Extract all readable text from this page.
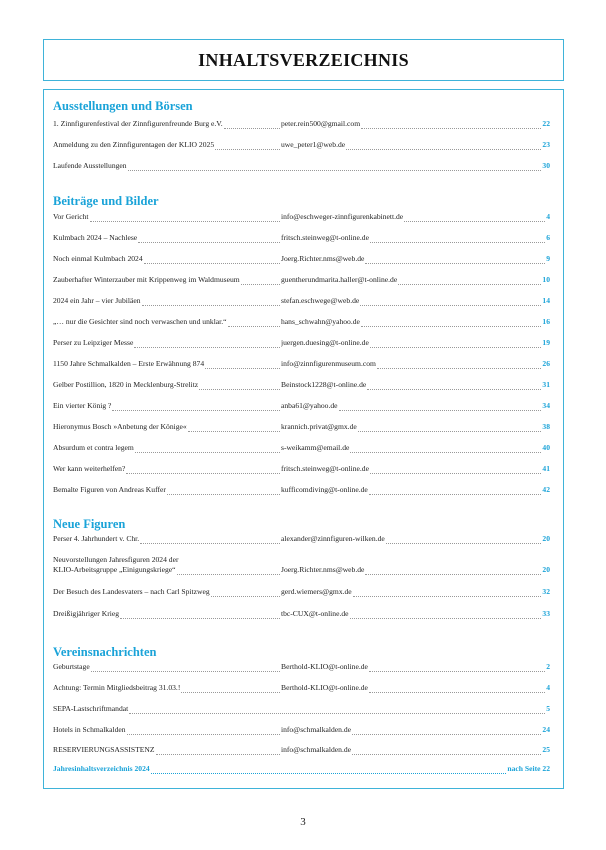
INHALTSVERZEICHNIS
Ausstellungen und Börsen
1. Zinnfigurenfestival der Zinnfigurenfreunde Burg e.V.	peter.rein500@gmail.com	22
Anmeldung zu den Zinnfigurentagen der KLIO 2025	uwe_peter1@web.de	23
Laufende Ausstellungen	30
Beiträge und Bilder
Vor Gericht	info@eschweger-zinnfigurenkabinett.de	4
Kulmbach 2024 – Nachlese	fritsch.steinweg@t-online.de	6
Noch einmal Kulmbach 2024	Joerg.Richter.nms@web.de	9
Zauberhafter Winterzauber mit Krippenweg im Waldmuseum	guentherundmarita.haller@t-online.de	10
2024 ein Jahr – vier Jubiläen	stefan.eschwege@web.de	14
„… nur die Gesichter sind noch verwaschen und unklar.“	hans_schwahn@yahoo.de	16
Perser zu Leipziger Messe	juergen.duesing@t-online.de	19
1150 Jahre Schmalkalden – Erste Erwähnung 874	info@zinnfigurenmuseum.com	26
Gelber Postillion, 1820 in Mecklenburg-Strelitz	Beinstock1228@t-online.de	31
Ein vierter König ?	anba61@yahoo.de	34
Hieronymus Bosch »Anbetung der Könige«	krannich.privat@gmx.de	38
Absurdum et contra legem	s-weikamm@email.de	40
Wer kann weiterhelfen?	fritsch.steinweg@t-online.de	41
Bemalte Figuren von Andreas Kuffer	kufficomdiving@t-online.de	42
Neue Figuren
Perser 4. Jahrhundert v. Chr.	alexander@zinnfiguren-wilken.de	20
Neuvorstellungen Jahresfiguren 2024 der
KLIO-Arbeitsgruppe „Einigungskriege“	Joerg.Richter.nms@web.de	20
Der Besuch des Landesvaters – nach Carl Spitzweg	gerd.wiemers@gmx.de	32
Dreißigjähriger Krieg	tbc-CUX@t-online.de	33
Vereinsnachrichten
Geburtstage	Berthold-KLIO@t-online.de	2
Achtung: Termin Mitgliedsbeitrag 31.03.!	Berthold-KLIO@t-online.de	4
SEPA-Lastschriftmandat	5
Hotels in Schmalkalden	info@schmalkalden.de	24
RESERVIERUNGSASSISTENZ	info@schmalkalden.de	25
Jahresinhaltsverzeichnis 2024	nach Seite 22
3
